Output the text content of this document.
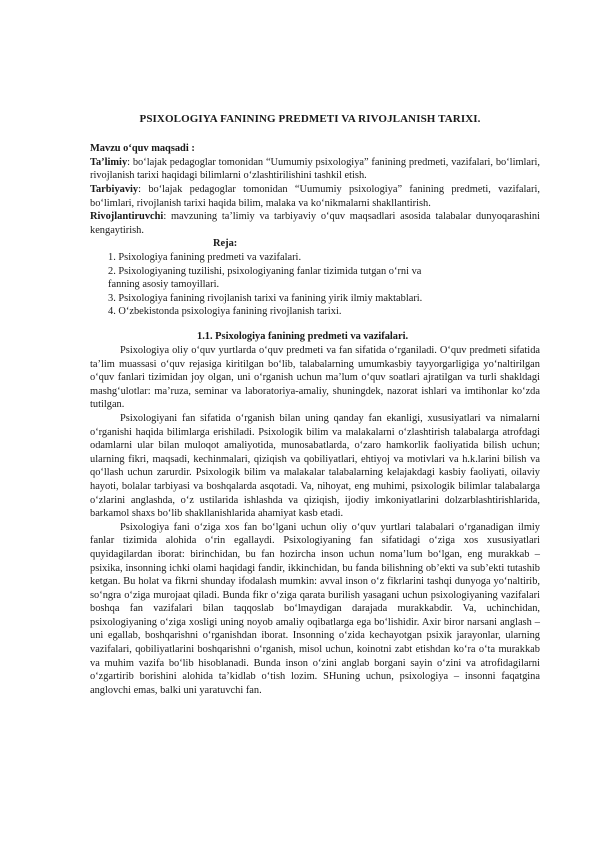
PSIXOLOGIYA FANINING PREDMETI VA RIVOJLANISH TARIXI.
Mavzu o‘quv maqsadi :
Ta’limiy: bo‘lajak pedagoglar tomonidan “Uumumiy psixologiya” fanining predmeti, vazifalari, bo‘limlari, rivojlanish tarixi haqidagi bilimlarni o‘zlashtirilishini tashkil etish.
Tarbiyaviy: bo‘lajak pedagoglar tomonidan “Uumumiy psixologiya” fanining predmeti, vazifalari, bo‘limlari, rivojlanish tarixi haqida bilim, malaka va ko‘nikmalarni shakllantirish.
Rivojlantiruvchi: mavzuning ta’limiy va tarbiyaviy o‘quv maqsadlari asosida talabalar dunyoqarashini kengaytirish.
Reja:
1. Psixologiya fanining predmeti va vazifalari.
2. Psixologiyaning tuzilishi, psixologiyaning fanlar tizimida tutgan o‘rni va
fanning asosiy tamoyillari.
3. Psixologiya fanining rivojlanish tarixi va fanining yirik ilmiy maktablari.
4. O‘zbekistonda psixologiya fanining rivojlanish tarixi.
1.1. Psixologiya fanining predmeti va vazifalari.

Psixologiya oliy o‘quv yurtlarda o‘quv predmeti va fan sifatida o‘rganiladi. O‘quv predmeti sifatida ta’lim muassasi o‘quv rejasiga kiritilgan bo‘lib, talabalarning umumkasbiy tayyorgarligiga yo‘naltirilgan o‘quv fanlari tizimidan joy olgan, uni o‘rganish uchun ma’lum o‘quv soatlari ajratilgan va turli shakldagi mashg‘ulotlar: ma’ruza, seminar va laboratoriya-amaliy, shuningdek, nazorat ishlari va imtihonlar ko‘zda tutilgan.

Psixologiyani fan sifatida o‘rganish bilan uning qanday fan ekanligi, xususiyatlari va nimalarni o‘rganishi haqida bilimlarga erishiladi. Psixologik bilim va malakalarni o‘zlashtirish talabalarga atrofdagi odamlarni ular bilan muloqot amaliyotida, munosabatlarda, o‘zaro hamkorlik faoliyatida bilish uchun; ularning fikri, maqsadi, kechinmalari, qiziqish va qobiliyatlari, ehtiyoj va motivlari va h.k.larini bilish va qo‘llash uchun zarurdir. Psixologik bilim va malakalar talabalarning kelajakdagi kasbiy faoliyati, oilaviy hayoti, bolalar tarbiyasi va boshqalarda asqotadi. Va, nihoyat, eng muhimi, psixologik bilimlar talabalarga o‘zlarini anglashda, o‘z ustilarida ishlashda va qiziqish, ijodiy imkoniyatlarini dolzarblashtirishlarida, barkamol shaxs bo‘lib shakllanishlarida ahamiyat kasb etadi.

Psixologiya fani o‘ziga xos fan bo‘lgani uchun oliy o‘quv yurtlari talabalari o‘rganadigan ilmiy fanlar tizimida alohida o‘rin egallaydi. Psixologiyaning fan sifatidagi o‘ziga xos xususiyatlari quyidagilardan iborat: birinchidan, bu fan hozircha inson uchun noma’lum bo‘lgan, eng murakkab – psixika, insonning ichki olami haqidagi fandir, ikkinchidan, bu fanda bilishning ob’ekti va sub’ekti tutashib ketgan. Bu holat va fikrni shunday ifodalash mumkin: avval inson o‘z fikrlarini tashqi dunyoga yo‘naltirib, so‘ngra o‘ziga murojaat qiladi. Bunda fikr o‘ziga qarata burilish yasagani uchun psixologiyaning vazifalari boshqa fan vazifalari bilan taqqoslab bo‘lmaydigan darajada murakkabdir. Va, uchinchidan, psixologiyaning o‘ziga xosligi uning noyob amaliy oqibatlarga ega bo‘lishidir. Axir biror narsani anglash – uni egallab, boshqarishni o‘rganishdan iborat. Insonning o‘zida kechayotgan psixik jarayonlar, ularning vazifalari, qobiliyatlarini boshqarishni o‘rganish, misol uchun, koinotni zabt etishdan ko‘ra o‘ta murakkab va muhim vazifa bo‘lib hisoblanadi. Bunda inson o‘zini anglab borgani sayin o‘zini va atrofidagilarni o‘zgartirib borishini alohida ta’kidlab o‘tish lozim. SHuning uchun, psixologiya – insonni faqatgina anglovchi emas, balki uni yaratuvchi fan.
